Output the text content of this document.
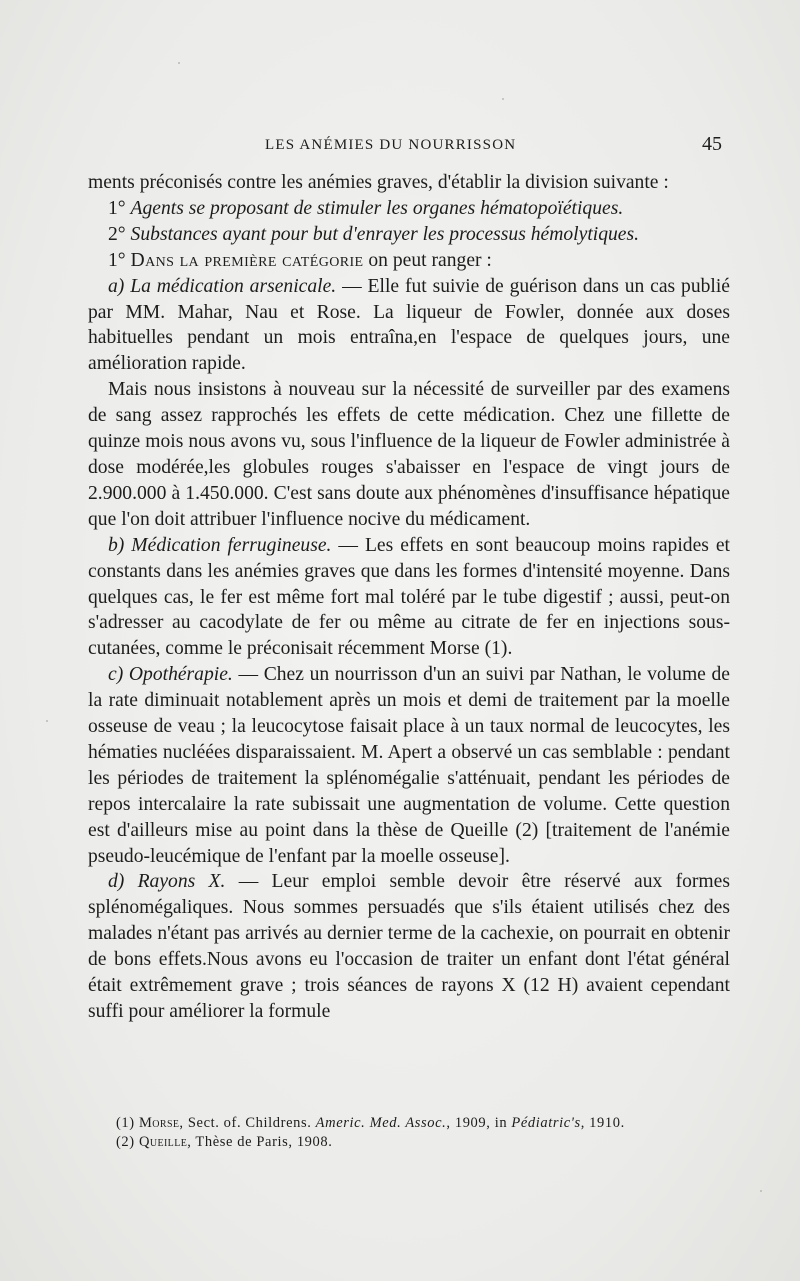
LES ANÉMIES DU NOURRISSON	45

ments préconisés contre les anémies graves, d'établir la division suivante :

1° Agents se proposant de stimuler les organes hématopoïétiques.

2° Substances ayant pour but d'enrayer les processus hémolytiques.

1° Dans la première catégorie on peut ranger :

a) La médication arsenicale. — Elle fut suivie de guérison dans un cas publié par MM. Mahar, Nau et Rose. La liqueur de Fowler, donnée aux doses habituelles pendant un mois entraîna,en l'espace de quelques jours, une amélioration rapide.

Mais nous insistons à nouveau sur la nécessité de surveiller par des examens de sang assez rapprochés les effets de cette médication. Chez une fillette de quinze mois nous avons vu, sous l'influence de la liqueur de Fowler administrée à dose modérée,les globules rouges s'abaisser en l'espace de vingt jours de 2.900.000 à 1.450.000. C'est sans doute aux phénomènes d'insuffisance hépatique que l'on doit attribuer l'influence nocive du médicament.

b) Médication ferrugineuse. — Les effets en sont beaucoup moins rapides et constants dans les anémies graves que dans les formes d'intensité moyenne. Dans quelques cas, le fer est même fort mal toléré par le tube digestif ; aussi, peut-on s'adresser au cacodylate de fer ou même au citrate de fer en injections sous-cutanées, comme le préconisait récemment Morse (1).

c) Opothérapie. — Chez un nourrisson d'un an suivi par Nathan, le volume de la rate diminuait notablement après un mois et demi de traitement par la moelle osseuse de veau ; la leucocytose faisait place à un taux normal de leucocytes, les hématies nucléées disparaissaient. M. Apert a observé un cas semblable : pendant les périodes de traitement la splénomégalie s'atténuait, pendant les périodes de repos intercalaire la rate subissait une augmentation de volume. Cette question est d'ailleurs mise au point dans la thèse de Queille (2) [traitement de l'anémie pseudo-leucémique de l'enfant par la moelle osseuse].

d) Rayons X. — Leur emploi semble devoir être réservé aux formes splénomégaliques. Nous sommes persuadés que s'ils étaient utilisés chez des malades n'étant pas arrivés au dernier terme de la cachexie, on pourrait en obtenir de bons effets.Nous avons eu l'occasion de traiter un enfant dont l'état général était extrêmement grave ; trois séances de rayons X (12 H) avaient cependant suffi pour améliorer la formule

(1) Morse, Sect. of. Childrens. Americ. Med. Assoc., 1909, in Pédiatric's, 1910.

(2) Queille, Thèse de Paris, 1908.
